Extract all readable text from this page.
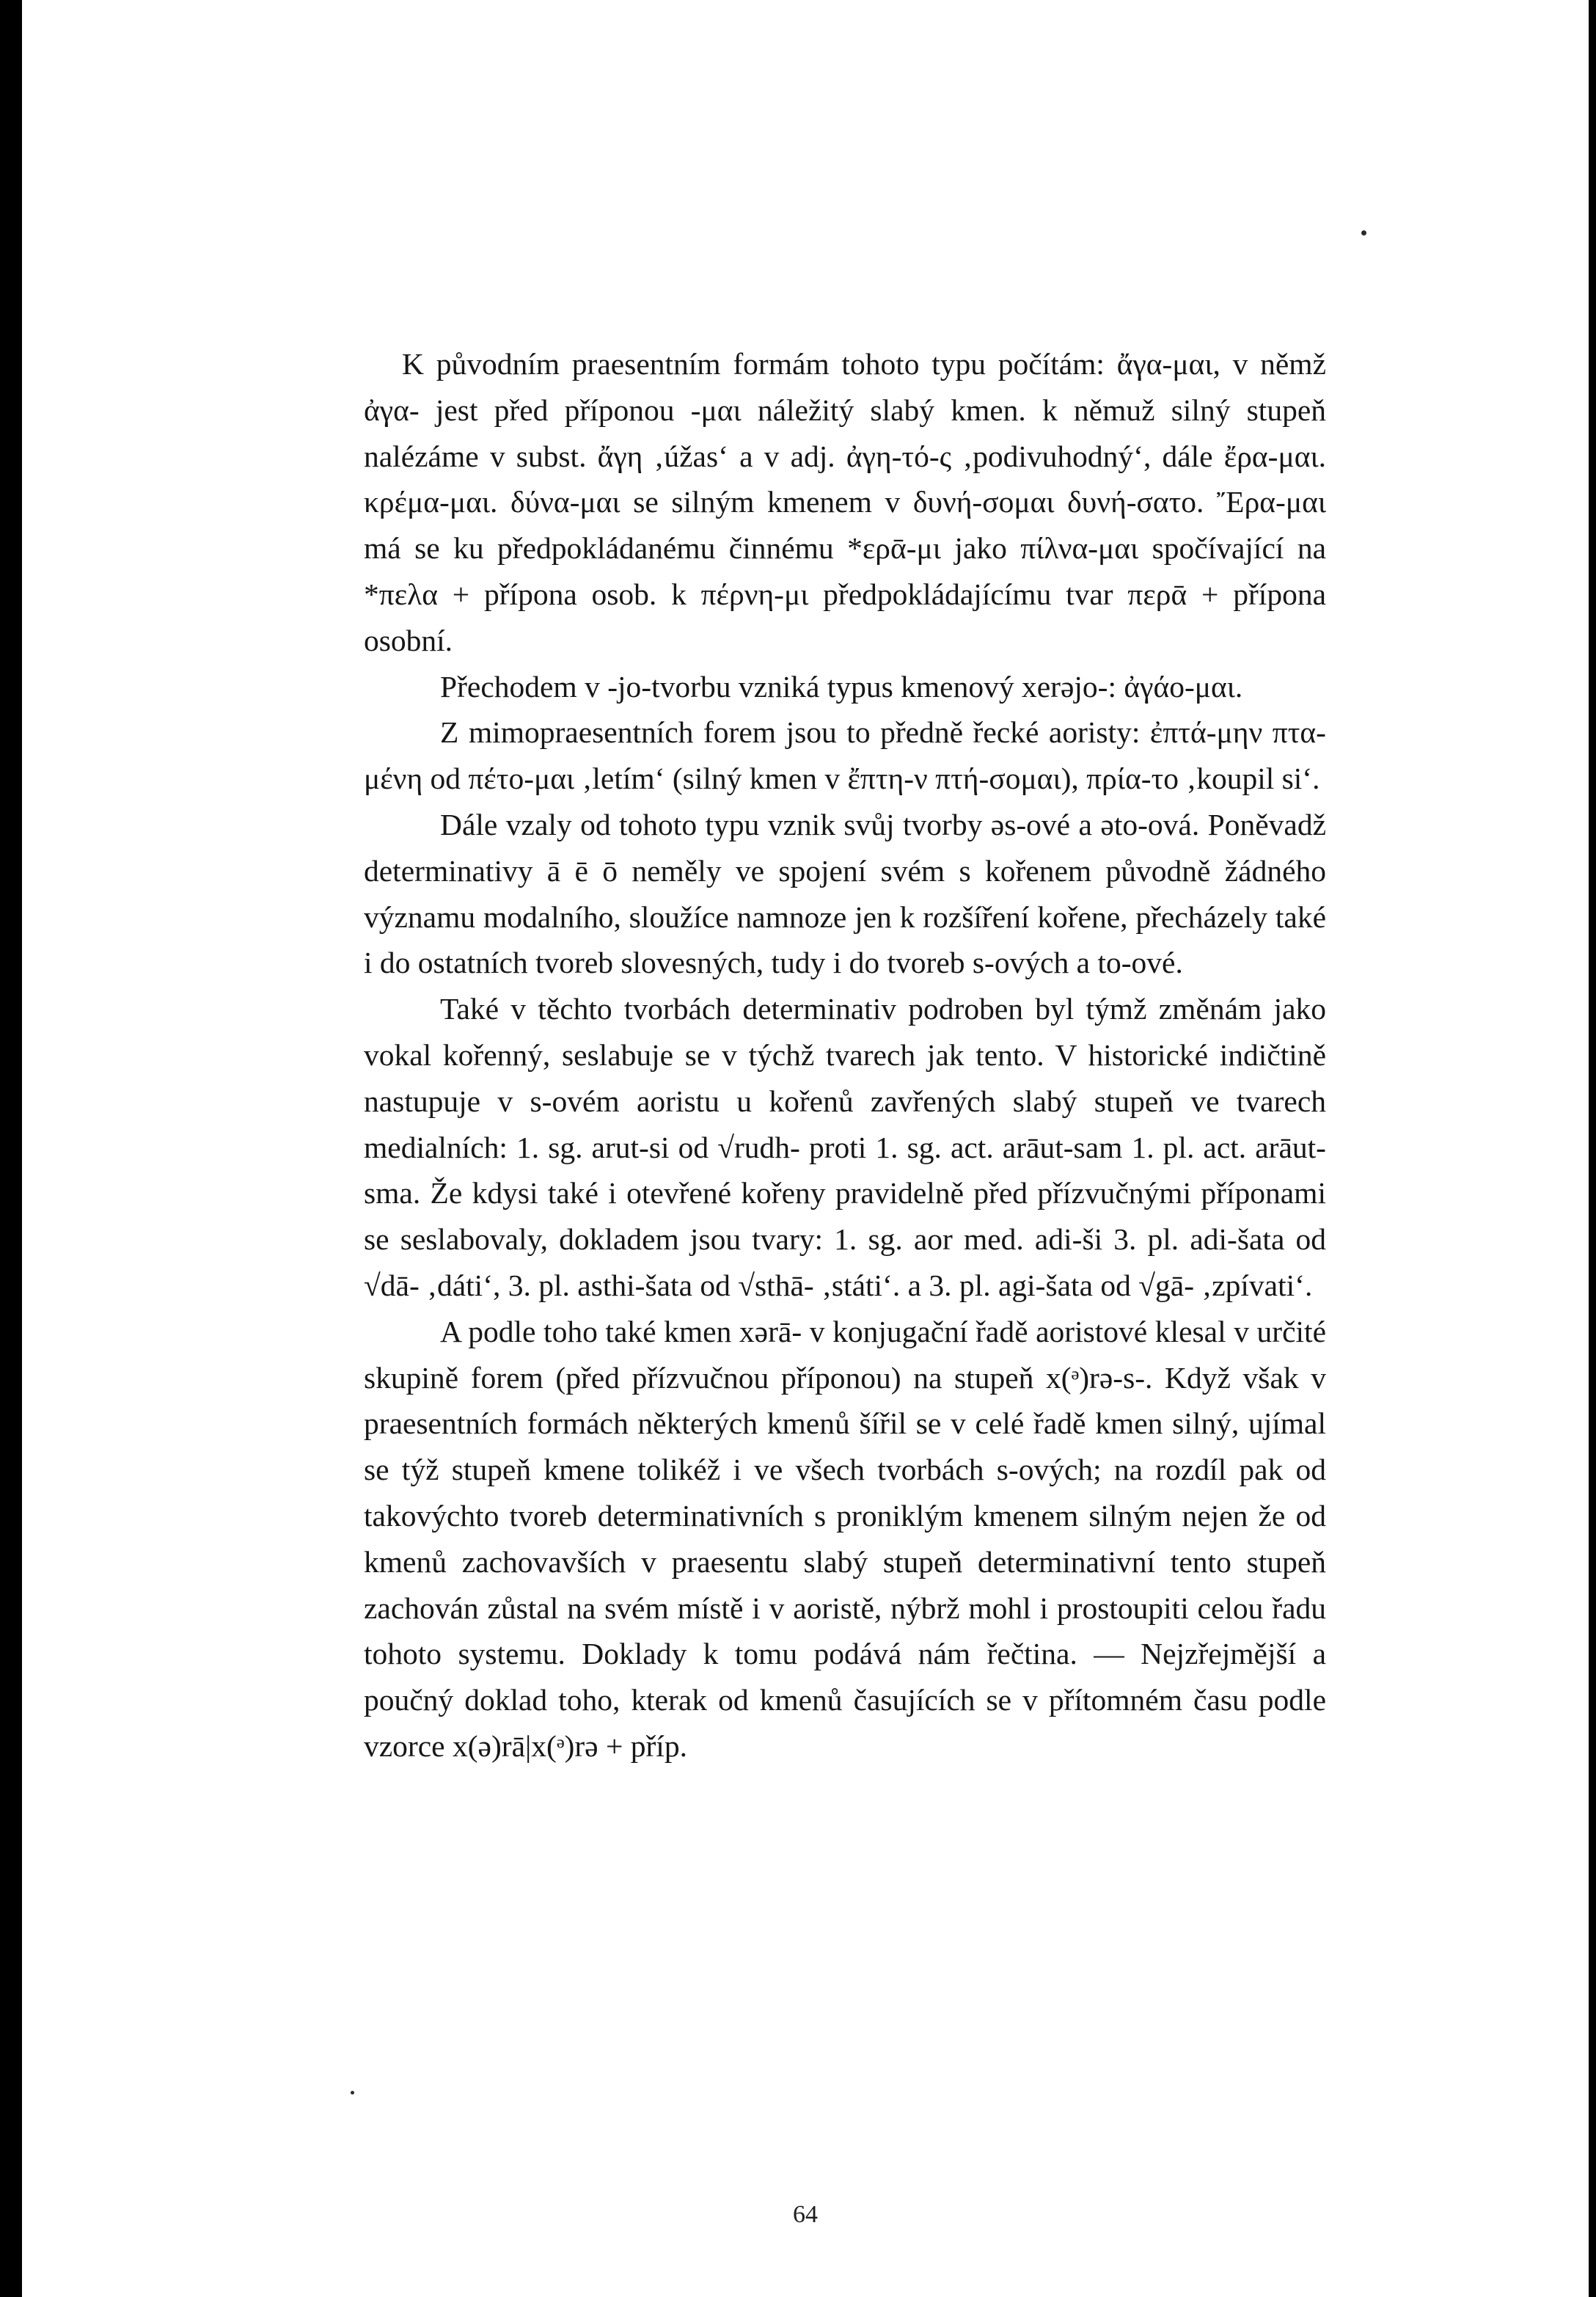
K původním praesentním formám tohoto typu počítám: ἄγα-μαι, v němž ἀγα- jest před příponou -μαι náležitý slabý kmen. k němuž silný stupeň nalézáme v subst. ἄγη ‚úžas‘ a v adj. ἀγη-τό-ς ‚podivuhodný‘, dále ἔρα-μαι. κρέμα-μαι. δύνα-μαι se silným kmenem v δυνή-σομαι δυνή-σατο. Ἔρα-μαι má se ku předpokládanému činnému *ερᾱ-μι jako πίλνα-μαι spočívající na *πελα + přípona osob. k πέρνη-μι předpokládajícímu tvar περᾱ + přípona osobní.

Přechodem v -jo-tvorbu vzniká typus kmenový xerəjo-: ἀγάο-μαι.

Z mimopraesentních forem jsou to předně řecké aoristy: ἐπτά-μην πτα-μένη od πέτο-μαι ‚letím‘ (silný kmen v ἔπτη-ν πτή-σομαι), πρία-το ‚koupil si‘.

Dále vzaly od tohoto typu vznik svůj tvorby əs-ové a əto-ová. Poněvadž determinativy ā ē ō neměly ve spojení svém s kořenem původně žádného významu modalního, sloužíce namnoze jen k rozšíření kořene, přecházely také i do ostatních tvoreb slovesných, tudy i do tvoreb s-ových a to-ové.

Také v těchto tvorbách determinativ podroben byl týmž změnám jako vokal kořenný, seslabuje se v týchž tvarech jak tento. V historické indičtině nastupuje v s-ovém aoristu u kořenů zavřených slabý stupeň ve tvarech medialních: 1. sg. arut-si od √rudh- proti 1. sg. act. arāut-sam 1. pl. act. arāut-sma. Že kdysi také i otevřené kořeny pravidelně před přízvučnými příponami se seslabovaly, dokladem jsou tvary: 1. sg. aor med. adi-ši 3. pl. adi-šata od √dā- ‚dáti‘, 3. pl. asthi-šata od √sthā- ‚státi‘. a 3. pl. agi-šata od √gā- ‚zpívati‘.

A podle toho také kmen xərā- v konjugační řadě aoristové klesal v určité skupině forem (před přízvučnou příponou) na stupeň x(ᵊ)rə-s-. Když však v praesentních formách některých kmenů šířil se v celé řadě kmen silný, ujímal se týž stupeň kmene tolikéž i ve všech tvorbách s-ových; na rozdíl pak od takovýchto tvoreb determinativních s proniklým kmenem silným nejen že od kmenů zachovavších v praesentu slabý stupeň determinativní tento stupeň zachován zůstal na svém místě i v aoristě, nýbrž mohl i prostoupiti celou řadu tohoto systemu. Doklady k tomu podává nám řečtina. — Nejzřejmější a poučný doklad toho, kterak od kmenů časujících se v přítomném času podle vzorce x(ə)rā|x(ᵊ)rə + příp.

64
